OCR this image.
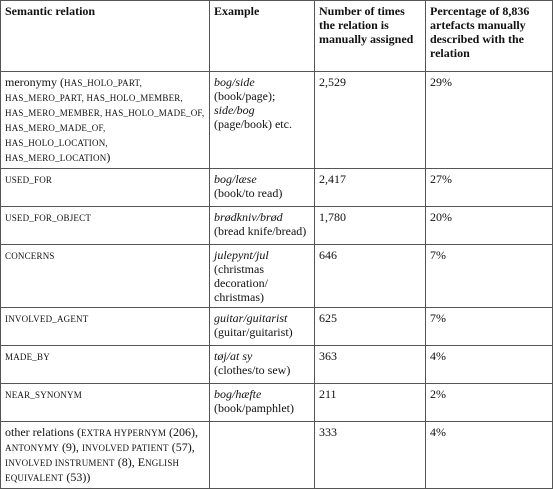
Semantic relation	Example	Number of times the relation is manually assigned	Percentage of 8,836 artefacts manually described with the relation
meronymy (HAS_HOLO_PART, HAS_MERO_PART, HAS_HOLO_MEMBER, HAS_MERO_MEMBER, HAS_HOLO_MADE_OF, HAS_MERO_MADE_OF, HAS_HOLO_LOCATION, HAS_MERO_LOCATION)	bog/side
(book/page); side/bog
(page/book) etc.	2,529	29%
USED_FOR	bog/læse
(book/to read)	2,417	27%
USED_FOR_OBJECT	brødkniv/brød
(bread knife/bread)	1,780	20%
CONCERNS	julepynt/jul
(christmas decoration/ christmas)	646	7%
INVOLVED_AGENT	guitar/guitarist
(guitar/guitarist)	625	7%
MADE_BY	tøj/at sy
(clothes/to sew)	363	4%
NEAR_SYNONYM	bog/hæfte
(book/pamphlet)	211	2%
other relations (EXTRA HYPERNYM (206), ANTONYMY (9), INVOLVED PATIENT (57), INVOLVED INSTRUMENT (8), ENGLISH EQUIVALENT (53))		333	4%
